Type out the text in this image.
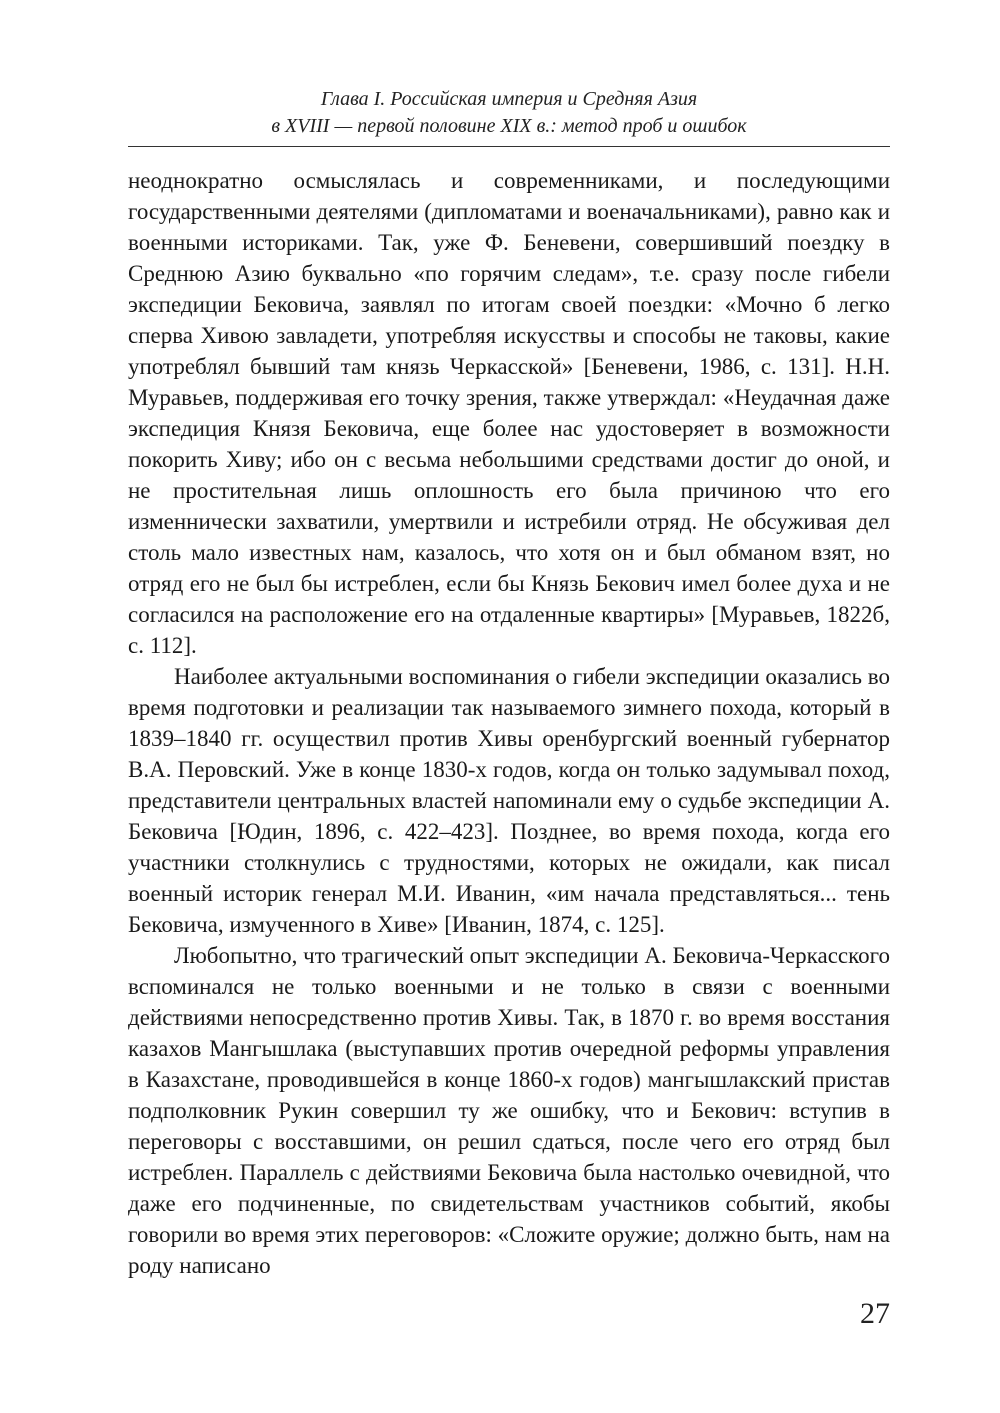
Глава I. Российская империя и Средняя Азия
в XVIII — первой половине XIX в.: метод проб и ошибок

неоднократно осмыслялась и современниками, и последующими государственными деятелями (дипломатами и военачальниками), равно как и военными историками. Так, уже Ф. Беневени, совершивший поездку в Среднюю Азию буквально «по горячим следам», т.е. сразу после гибели экспедиции Бековича, заявлял по итогам своей поездки: «Мочно б легко сперва Хивою завладети, употребляя искусствы и способы не таковы, какие употреблял бывший там князь Черкасской» [Беневени, 1986, с. 131]. Н.Н. Муравьев, поддерживая его точку зрения, также утверждал: «Неудачная даже экспедиция Князя Бековича, еще более нас удостоверяет в возможности покорить Хиву; ибо он с весьма небольшими средствами достиг до оной, и не простительная лишь оплошность его была причиною что его изменнически захватили, умертвили и истребили отряд. Не обсуживая дел столь мало известных нам, казалось, что хотя он и был обманом взят, но отряд его не был бы истреблен, если бы Князь Бекович имел более духа и не согласился на расположение его на отдаленные квартиры» [Муравьев, 1822б, с. 112].

Наиболее актуальными воспоминания о гибели экспедиции оказались во время подготовки и реализации так называемого зимнего похода, который в 1839–1840 гг. осуществил против Хивы оренбургский военный губернатор В.А. Перовский. Уже в конце 1830-х годов, когда он только задумывал поход, представители центральных властей напоминали ему о судьбе экспедиции А. Бековича [Юдин, 1896, с. 422–423]. Позднее, во время похода, когда его участники столкнулись с трудностями, которых не ожидали, как писал военный историк генерал М.И. Иванин, «им начала представляться... тень Бековича, измученного в Хиве» [Иванин, 1874, с. 125].

Любопытно, что трагический опыт экспедиции А. Бековича-Черкасского вспоминался не только военными и не только в связи с военными действиями непосредственно против Хивы. Так, в 1870 г. во время восстания казахов Мангышлака (выступавших против очередной реформы управления в Казахстане, проводившейся в конце 1860-х годов) мангышлакский пристав подполковник Рукин совершил ту же ошибку, что и Бекович: вступив в переговоры с восставшими, он решил сдаться, после чего его отряд был истреблен. Параллель с действиями Бековича была настолько очевидной, что даже его подчиненные, по свидетельствам участников событий, якобы говорили во время этих переговоров: «Сложите оружие; должно быть, нам на роду написано

27
